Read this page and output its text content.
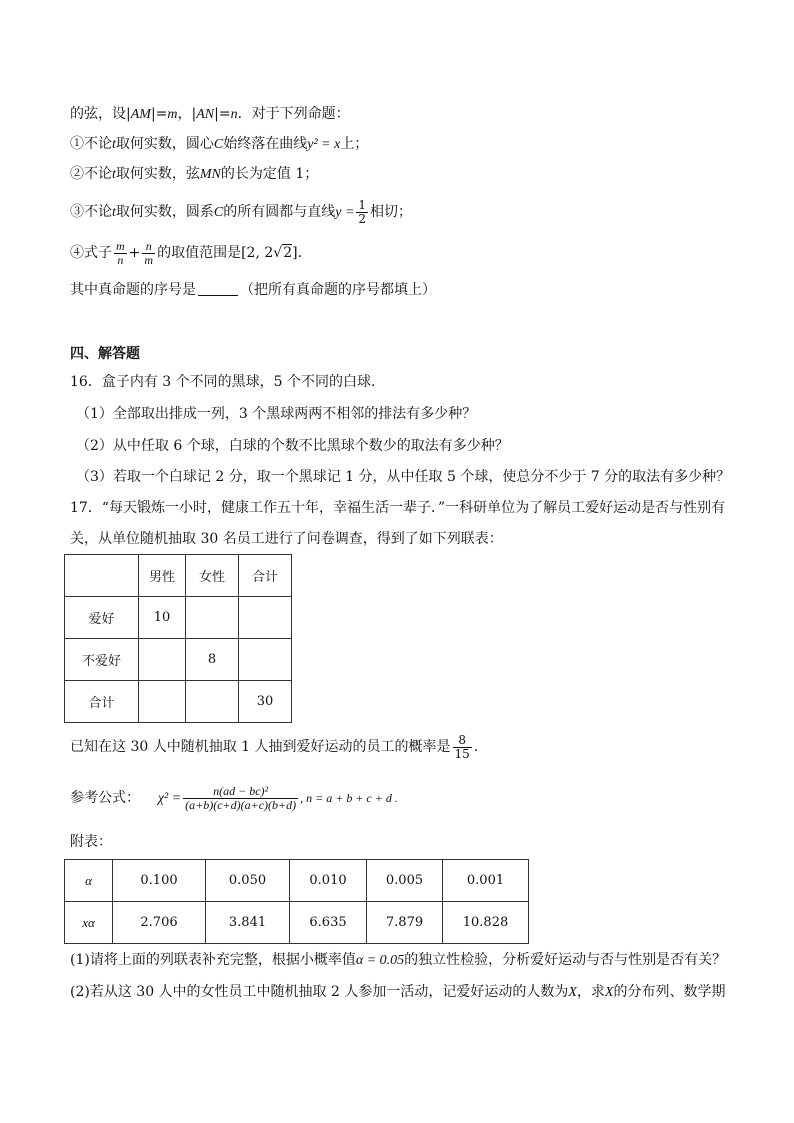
的弦，设|AM|=m，|AN|=n．对于下列命题：
①不论t取何实数，圆心C始终落在曲线y² = x上；
②不论t取何实数，弦MN的长为定值 1；
③不论t取何实数，圆系C的所有圆都与直线$y = \frac{1}{2}$ 相切；
④式子 $\frac{m}{n} + \frac{n}{m}$ 的取值范围是[2, 2√2]．
其中真命题的序号是	（把所有真命题的序号都填上）
四、解答题
16．盒子内有 3 个不同的黑球，5 个不同的白球.
（1）全部取出排成一列，3 个黑球两两不相邻的排法有多少种？
（2）从中任取 6 个球，白球的个数不比黑球个数少的取法有多少种？
（3）若取一个白球记 2 分，取一个黑球记 1 分，从中任取 5 个球，使总分不少于 7 分的取法有多少种？
17．“每天锻炼一小时，健康工作五十年，幸福生活一辈子．”一科研单位为了解员工爱好运动是否与性别有
关，从单位随机抽取 30 名员工进行了问卷调查，得到了如下列联表：
	男性	女性	合计
爱好	10		
不爱好		8	
合计			30
已知在这 30 人中随机抽取 1 人抽到爱好运动的员工的概率是 $\frac{8}{15}$ .
参考公式： $\chi^2 = \frac{\text{n(ad − bc)²}}{(a+b)(c+d)(a+c)(b+d)}$ , n = a + b + c + d .
附表：
α	0.100	0.050	0.010	0.005	0.001
xα	2.706	3.841	6.635	7.879	10.828
(1)请将上面的列联表补充完整，根据小概率值α = 0.05的独立性检验，分析爱好运动与否与性别是否有关？
(2)若从这 30 人中的女性员工中随机抽取 2 人参加一活动，记爱好运动的人数为X，求X的分布列、数学期
